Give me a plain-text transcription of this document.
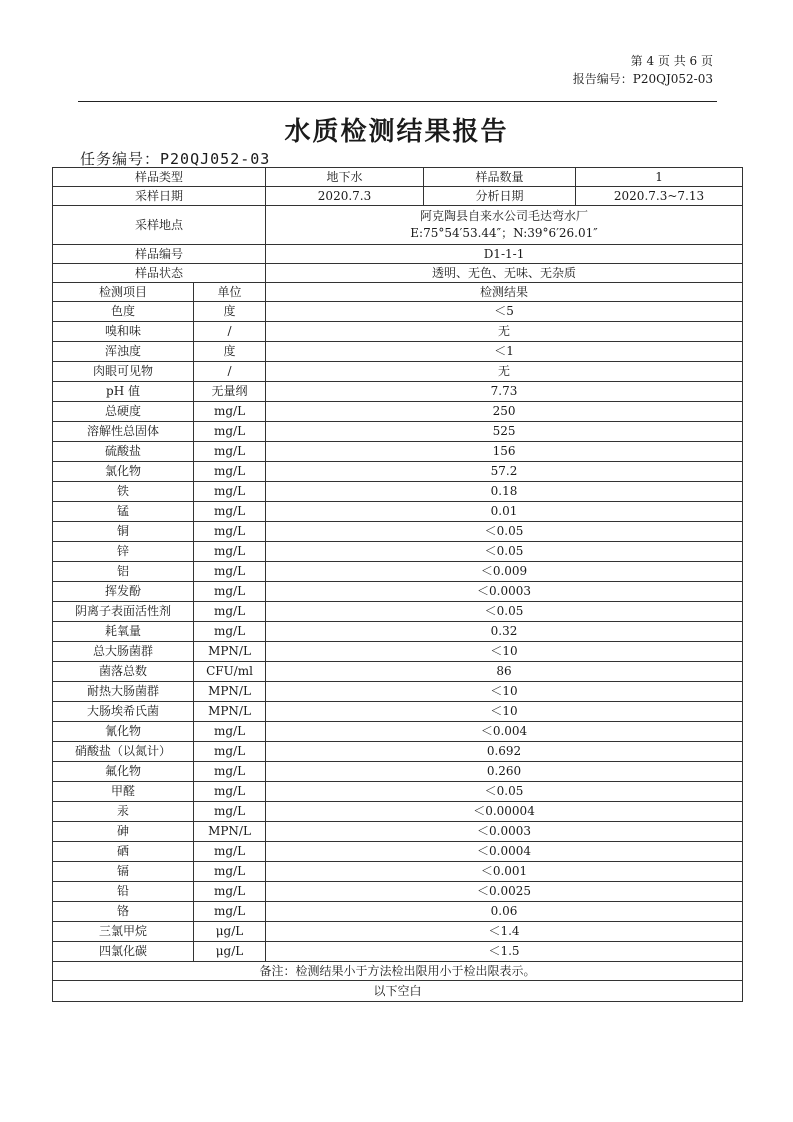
第 4 页 共 6 页
报告编号：P20QJ052-03
水质检测结果报告
任务编号：P20QJ052-03
样品类型		地下水	样品数量	1
采样日期		2020.7.3	分析日期	2020.7.3~7.13
采样地点		阿克陶县自来水公司毛达弯水厂
E:75°54′53.44″；N:39°6′26.01″		

样品编号		D1-1-1		
样品状态		透明、无色、无味、无杂质		
检测项目	单位	检测结果		
色度	度	＜5		
嗅和味	/	无		
浑浊度	度	＜1		
肉眼可见物	/	无		
pH 值	无量纲	7.73		
总硬度	mg/L	250		
溶解性总固体	mg/L	525		
硫酸盐	mg/L	156		
氯化物	mg/L	57.2		
铁	mg/L	0.18		
锰	mg/L	0.01		
铜	mg/L	＜0.05		
锌	mg/L	＜0.05		
铝	mg/L	＜0.009		
挥发酚	mg/L	＜0.0003		
阴离子表面活性剂	mg/L	＜0.05		
耗氧量	mg/L	0.32		
总大肠菌群	MPN/L	＜10		
菌落总数	CFU/ml	86		
耐热大肠菌群	MPN/L	＜10		
大肠埃希氏菌	MPN/L	＜10		
氰化物	mg/L	＜0.004		
硝酸盐（以氮计）	mg/L	0.692		
氟化物	mg/L	0.260		
甲醛	mg/L	＜0.05		
汞	mg/L	＜0.00004		
砷	MPN/L	＜0.0003		
硒	mg/L	＜0.0004		
镉	mg/L	＜0.001		
铅	mg/L	＜0.0025		
铬	mg/L	0.06		
三氯甲烷	μg/L	＜1.4		
四氯化碳	μg/L	＜1.5		
备注：检测结果小于方法检出限用小于检出限表示。				
以下空白				
